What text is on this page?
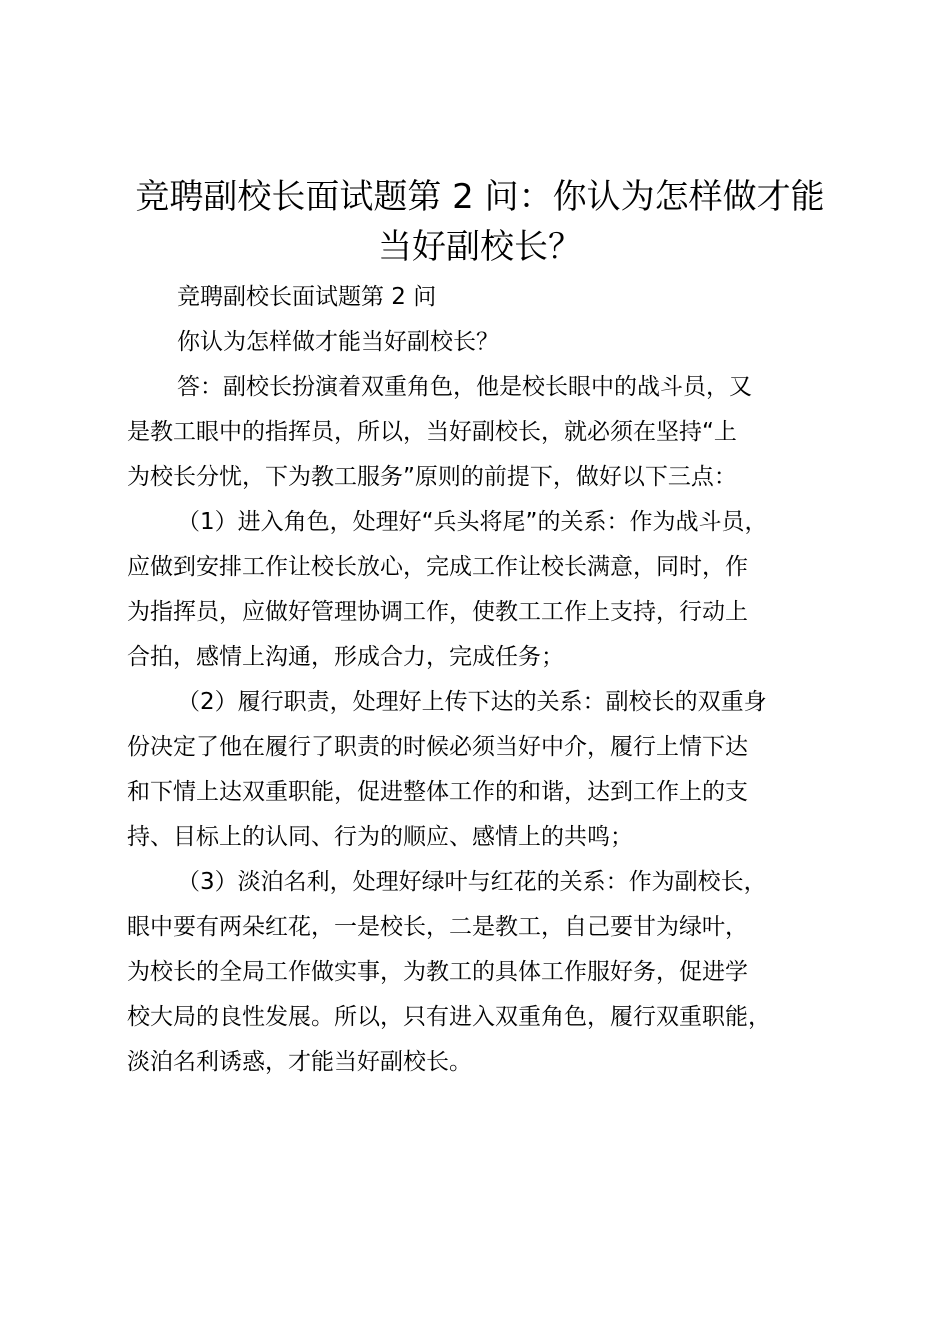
竞聘副校长面试题第 2 问：你认为怎样做才能
当好副校长？
竞聘副校长面试题第 2 问
你认为怎样做才能当好副校长？
答：副校长扮演着双重角色，他是校长眼中的战斗员，又
是教工眼中的指挥员，所以，当好副校长，就必须在坚持“上
为校长分忧，下为教工服务”原则的前提下，做好以下三点：
（1）进入角色，处理好“兵头将尾”的关系：作为战斗员，
应做到安排工作让校长放心，完成工作让校长满意，同时，作
为指挥员，应做好管理协调工作，使教工工作上支持，行动上
合拍，感情上沟通，形成合力，完成任务；
（2）履行职责，处理好上传下达的关系：副校长的双重身
份决定了他在履行了职责的时候必须当好中介，履行上情下达
和下情上达双重职能，促进整体工作的和谐，达到工作上的支
持、目标上的认同、行为的顺应、感情上的共鸣；
（3）淡泊名利，处理好绿叶与红花的关系：作为副校长，
眼中要有两朵红花，一是校长，二是教工，自己要甘为绿叶，
为校长的全局工作做实事，为教工的具体工作服好务，促进学
校大局的良性发展。所以，只有进入双重角色，履行双重职能，
淡泊名利诱惑，才能当好副校长。
